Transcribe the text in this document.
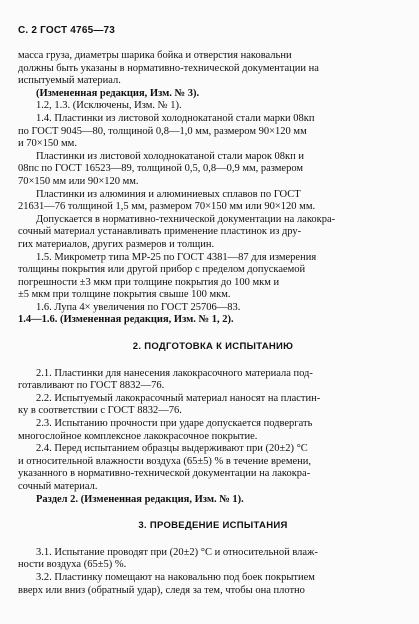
С. 2 ГОСТ 4765—73

масса груза, диаметры шарика бойка и отверстия наковальни

должны быть указаны в нормативно-технической документации на

испытуемый материал.

(Измененная редакция, Изм. № 3).

1.2, 1.3. (Исключены, Изм. № 1).

1.4. Пластинки из листовой холоднокатаной стали марки 08кп

по ГОСТ 9045—80, толщиной 0,8—1,0 мм, размером 90×120 мм

и 70×150 мм.

Пластинки из листовой холоднокатаной стали марок 08кп и

08пс по ГОСТ 16523—89, толщиной 0,5, 0,8—0,9 мм, размером

70×150 мм или 90×120 мм.

Пластинки из алюминия и алюминиевых сплавов по ГОСТ

21631—76 толщиной 1,5 мм, размером 70×150 мм или 90×120 мм.

Допускается в нормативно-технической документации на лакокра-

сочный материал устанавливать применение пластинок из дру-

гих материалов, других размеров и толщин.

1.5. Микрометр типа МР-25 по ГОСТ 4381—87 для измерения

толщины покрытия или другой прибор с пределом допускаемой

погрешности ±3 мкм при толщине покрытия до 100 мкм и

±5 мкм при толщине покрытия свыше 100 мкм.

1.6. Лупа 4× увеличения по ГОСТ 25706—83.

1.4—1.6. (Измененная редакция, Изм. № 1, 2).

2. ПОДГОТОВКА К ИСПЫТАНИЮ

2.1. Пластинки для нанесения лакокрасочного материала под-

готавливают по ГОСТ 8832—76.

2.2. Испытуемый лакокрасочный материал наносят на пластин-

ку в соответствии с ГОСТ 8832—76.

2.3. Испытанию прочности при ударе допускается подвергать

многослойное комплексное лакокрасочное покрытие.

2.4. Перед испытанием образцы выдерживают при (20±2) °С

и относительной влажности воздуха (65±5) % в течение времени,

указанного в нормативно-технической документации на лакокра-

сочный материал.

Раздел 2. (Измененная редакция, Изм. № 1).

3. ПРОВЕДЕНИЕ ИСПЫТАНИЯ

3.1. Испытание проводят при (20±2) °С и относительной влаж-

ности воздуха (65±5) %.

3.2. Пластинку помещают на наковальню под боек покрытием

вверх или вниз (обратный удар), следя за тем, чтобы она плотно
